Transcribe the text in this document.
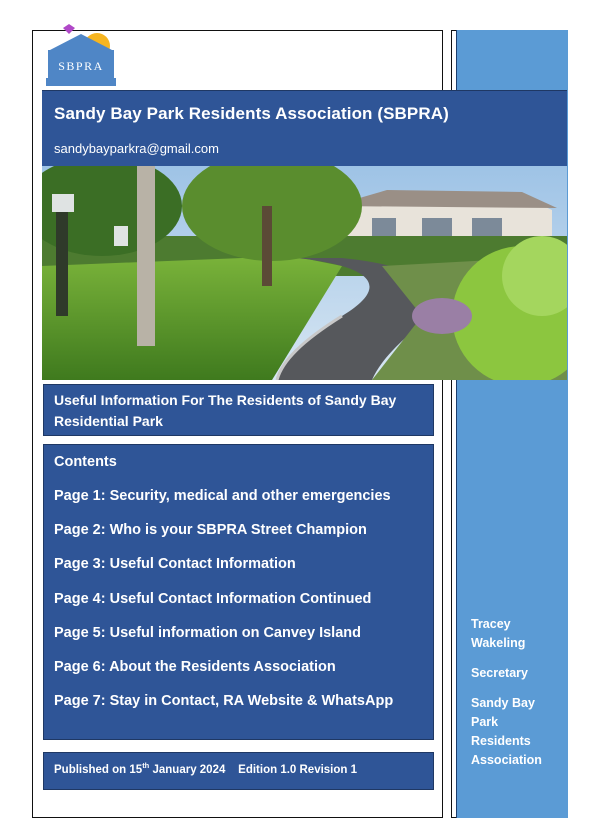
SBPRA
Sandy Bay Park Residents Association (SBPRA)
sandybayparkra@gmail.com
Useful Information For The Residents of Sandy Bay Residential Park
Contents
Page 1: Security, medical and other emergencies
Page 2: Who is your SBPRA Street Champion
Page 3: Useful Contact Information
Page 4: Useful Contact Information Continued
Page 5: Useful information on Canvey Island
Page 6: About the Residents Association
Page 7: Stay in Contact, RA Website & WhatsApp
Published on 15th January 2024 Edition 1.0 Revision 1
Tracey
Wakeling
Secretary
Sandy Bay
Park
Residents
Association
